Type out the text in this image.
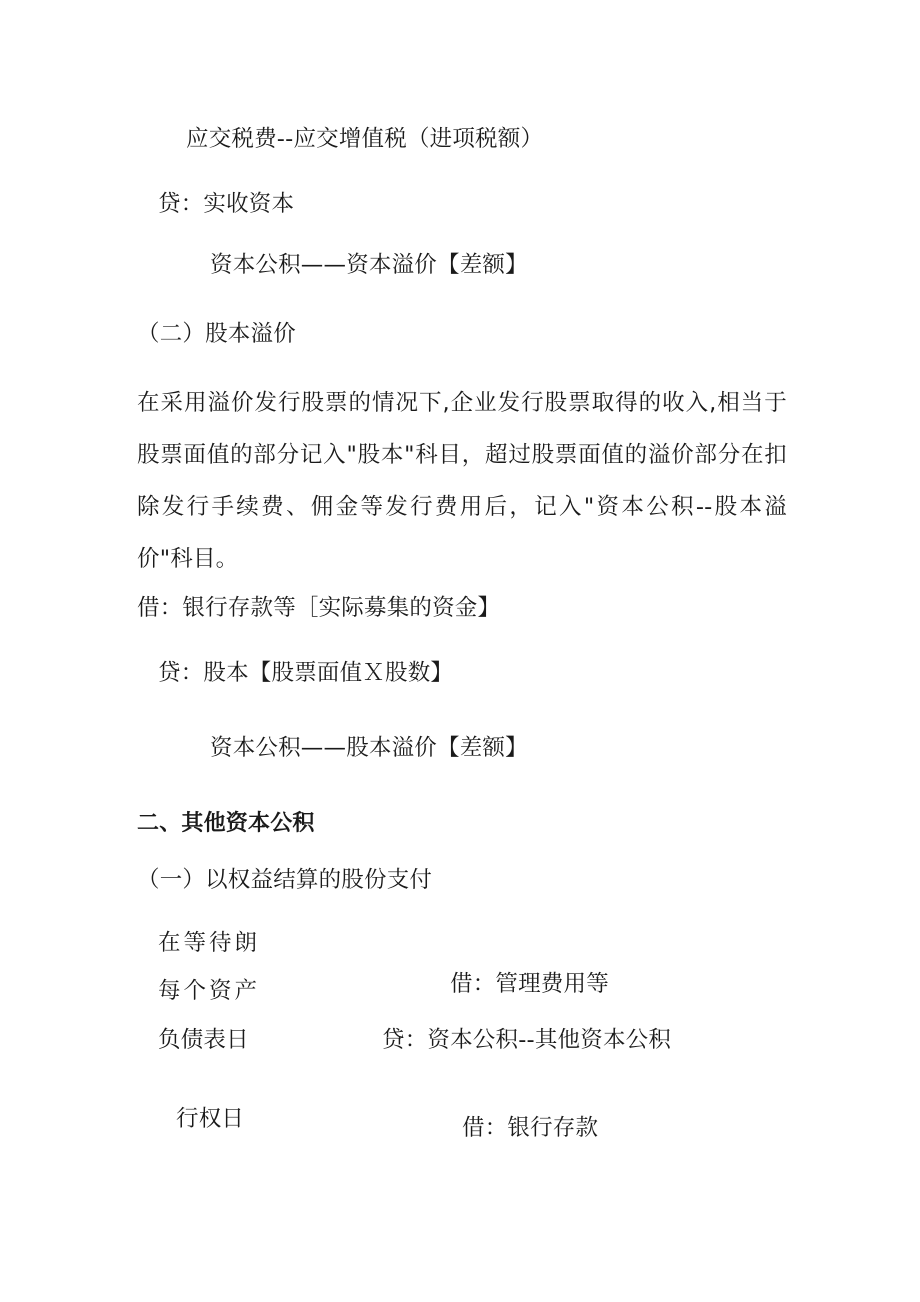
应交税费--应交增值税（进项税额）
贷：实收资本
资本公积——资本溢价【差额】
（二）股本溢价
在采用溢价发行股票的情况下,企业发行股票取得的收入,相当于股票面值的部分记入"股本"科目，超过股票面值的溢价部分在扣除发行手续费、佣金等发行费用后，记入"资本公积--股本溢价"科目。
借：银行存款等［实际募集的资金】
贷：股本【股票面值Ｘ股数】
资本公积——股本溢价【差额】
二、其他资本公积
（一）以权益结算的股份支付
在等待朗
每个资产	借：管理费用等
负债表日	贷：资本公积--其他资本公积
行权日	借：银行存款
